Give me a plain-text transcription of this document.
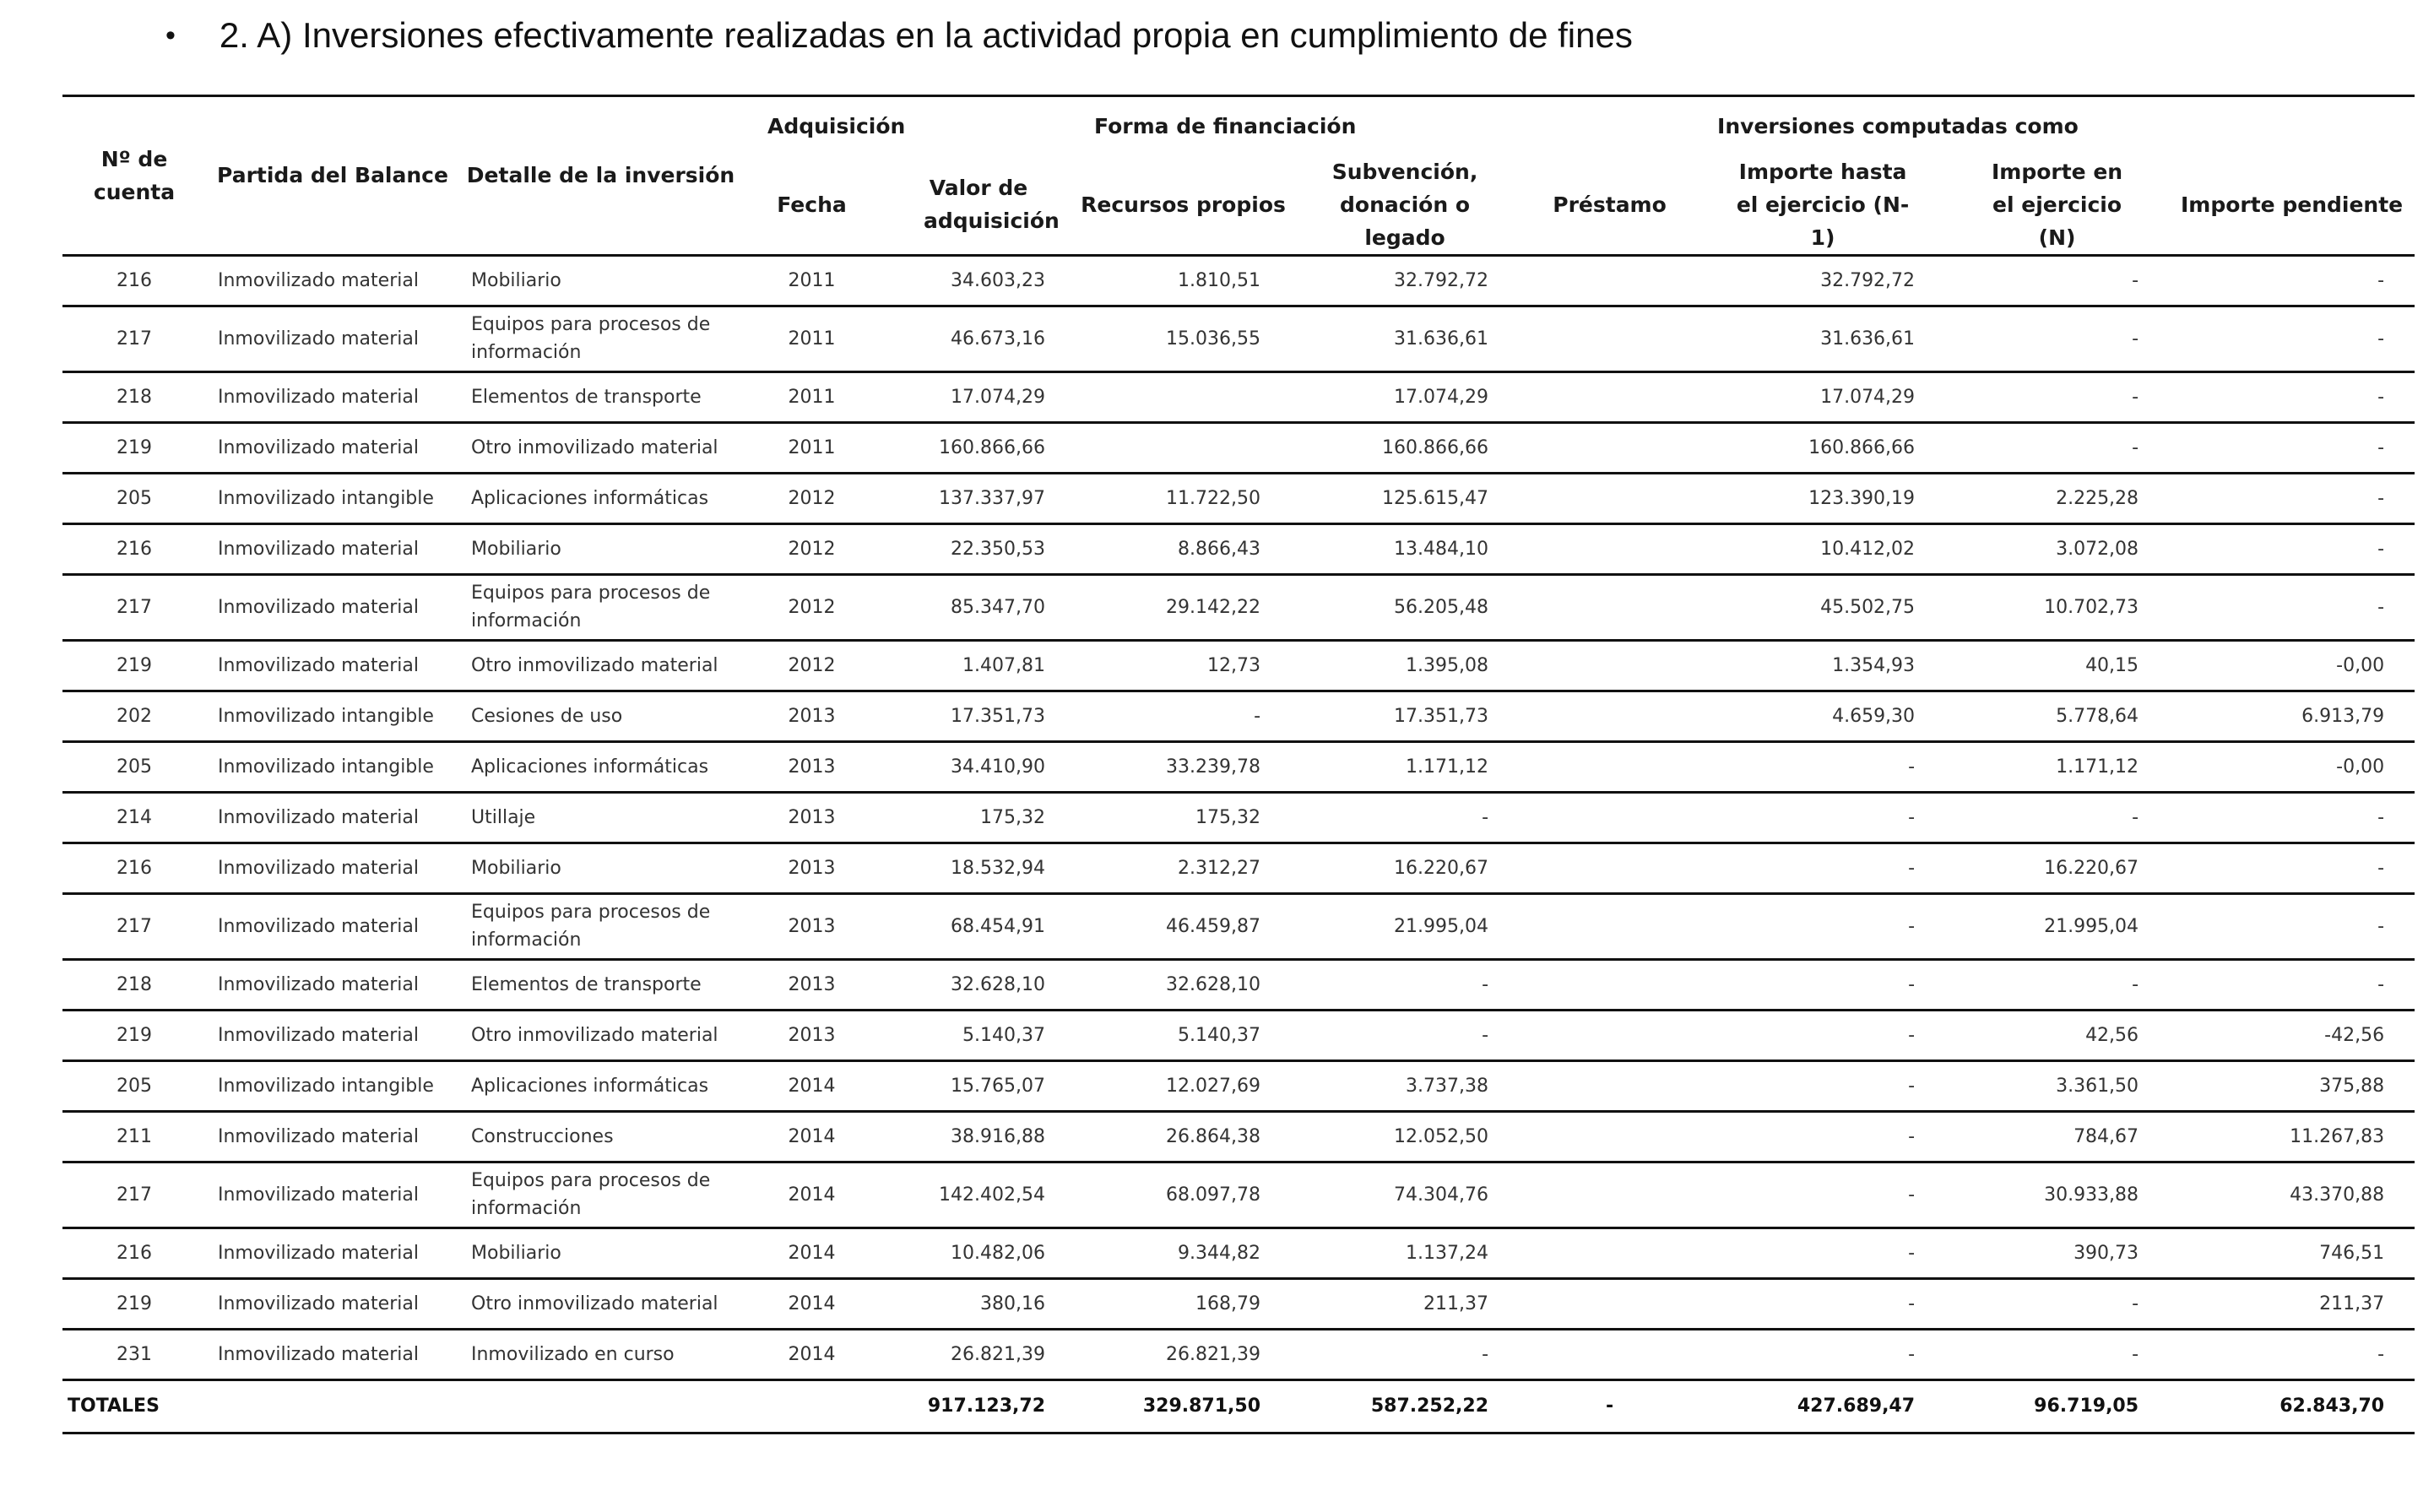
• 2. A) Inversiones efectivamente realizadas en la actividad propia en cumplimiento de fines
Nº de cuenta	Partida del Balance	Detalle de la inversión	Adquisición		Forma de financiación			Inversiones computadas como		
			Fecha	Valor de adquisición	Recursos propios	Subvención, donación o legado	Préstamo	Importe hasta el ejercicio (N-1)	Importe en el ejercicio (N)	Importe pendiente
216	Inmovilizado material	Mobiliario	2011	34.603,23	1.810,51	32.792,72		32.792,72	-	-
217	Inmovilizado material	Equipos para procesos de información	2011	46.673,16	15.036,55	31.636,61		31.636,61	-	-
218	Inmovilizado material	Elementos de transporte	2011	17.074,29		17.074,29		17.074,29	-	-
219	Inmovilizado material	Otro inmovilizado material	2011	160.866,66		160.866,66		160.866,66	-	-
205	Inmovilizado intangible	Aplicaciones informáticas	2012	137.337,97	11.722,50	125.615,47		123.390,19	2.225,28	-
216	Inmovilizado material	Mobiliario	2012	22.350,53	8.866,43	13.484,10		10.412,02	3.072,08	-
217	Inmovilizado material	Equipos para procesos de información	2012	85.347,70	29.142,22	56.205,48		45.502,75	10.702,73	-
219	Inmovilizado material	Otro inmovilizado material	2012	1.407,81	12,73	1.395,08		1.354,93	40,15	-0,00
202	Inmovilizado intangible	Cesiones de uso	2013	17.351,73	-	17.351,73		4.659,30	5.778,64	6.913,79
205	Inmovilizado intangible	Aplicaciones informáticas	2013	34.410,90	33.239,78	1.171,12		-	1.171,12	-0,00
214	Inmovilizado material	Utillaje	2013	175,32	175,32	-		-	-	-
216	Inmovilizado material	Mobiliario	2013	18.532,94	2.312,27	16.220,67		-	16.220,67	-
217	Inmovilizado material	Equipos para procesos de información	2013	68.454,91	46.459,87	21.995,04		-	21.995,04	-
218	Inmovilizado material	Elementos de transporte	2013	32.628,10	32.628,10	-		-	-	-
219	Inmovilizado material	Otro inmovilizado material	2013	5.140,37	5.140,37	-		-	42,56	-42,56
205	Inmovilizado intangible	Aplicaciones informáticas	2014	15.765,07	12.027,69	3.737,38		-	3.361,50	375,88
211	Inmovilizado material	Construcciones	2014	38.916,88	26.864,38	12.052,50		-	784,67	11.267,83
217	Inmovilizado material	Equipos para procesos de información	2014	142.402,54	68.097,78	74.304,76		-	30.933,88	43.370,88
216	Inmovilizado material	Mobiliario	2014	10.482,06	9.344,82	1.137,24		-	390,73	746,51
219	Inmovilizado material	Otro inmovilizado material	2014	380,16	168,79	211,37		-	-	211,37
231	Inmovilizado material	Inmovilizado en curso	2014	26.821,39	26.821,39	-		-	-	-
TOTALES				917.123,72	329.871,50	587.252,22	-	427.689,47	96.719,05	62.843,70
